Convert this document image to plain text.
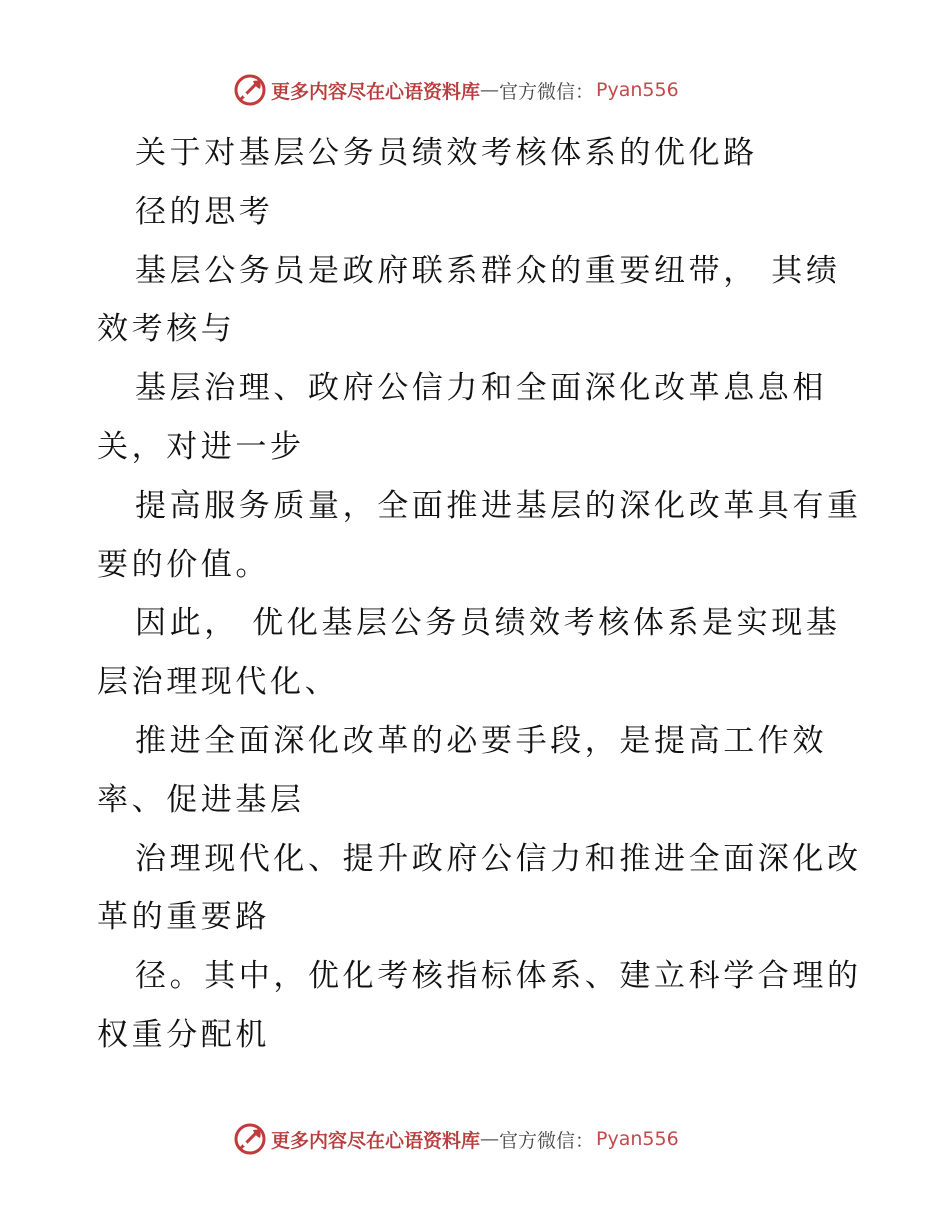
更多内容尽在心语资料库 — 官方微信： Pyan556
关于对基层公务员绩效考核体系的优化路
径的思考
基层公务员是政府联系群众的重要纽带， 其绩
效考核与
基层治理、政府公信力和全面深化改革息息相
关，对进一步
提高服务质量，全面推进基层的深化改革具有重
要的价值。
因此， 优化基层公务员绩效考核体系是实现基
层治理现代化、
推进全面深化改革的必要手段，是提高工作效
率、促进基层
治理现代化、提升政府公信力和推进全面深化改
革的重要路
径。其中，优化考核指标体系、建立科学合理的
权重分配机
更多内容尽在心语资料库 — 官方微信： Pyan556
